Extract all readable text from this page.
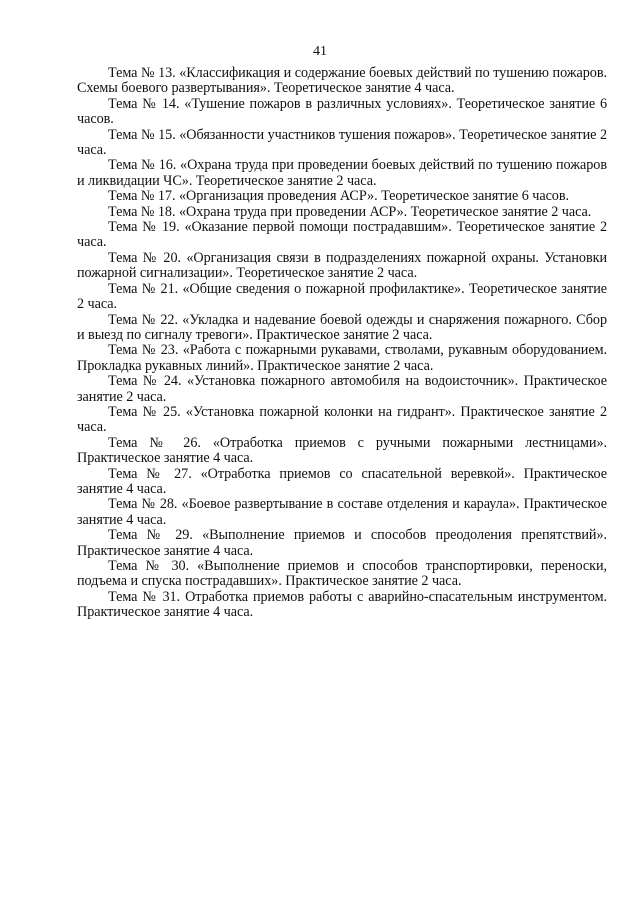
41

Тема № 13. «Классификация и содержание боевых действий по тушению пожаров. Схемы боевого развертывания». Теоретическое занятие 4 часа.

Тема № 14. «Тушение пожаров в различных условиях». Теоретическое занятие 6 часов.

Тема № 15. «Обязанности участников тушения пожаров». Теоретическое занятие 2 часа.

Тема № 16. «Охрана труда при проведении боевых действий по тушению пожаров и ликвидации ЧС». Теоретическое занятие 2 часа.

Тема № 17. «Организация проведения АСР». Теоретическое занятие 6 часов.

Тема № 18. «Охрана труда при проведении АСР». Теоретическое занятие 2 часа.

Тема № 19. «Оказание первой помощи пострадавшим». Теоретическое занятие 2 часа.

Тема № 20. «Организация связи в подразделениях пожарной охраны. Установки пожарной сигнализации». Теоретическое занятие 2 часа.

Тема № 21. «Общие сведения о пожарной профилактике». Теоретическое занятие 2 часа.

Тема № 22. «Укладка и надевание боевой одежды и снаряжения пожарного. Сбор и выезд по сигналу тревоги». Практическое занятие 2 часа.

Тема № 23. «Работа с пожарными рукавами, стволами, рукавным оборудованием. Прокладка рукавных линий». Практическое занятие 2 часа.

Тема № 24. «Установка пожарного автомобиля на водоисточник». Практическое занятие 2 часа.

Тема № 25. «Установка пожарной колонки на гидрант». Практическое занятие 2 часа.

Тема № 26. «Отработка приемов с ручными пожарными лестницами». Практическое занятие 4 часа.

Тема № 27. «Отработка приемов со спасательной веревкой». Практическое занятие 4 часа.

Тема № 28. «Боевое развертывание в составе отделения и караула». Практическое занятие 4 часа.

Тема № 29. «Выполнение приемов и способов преодоления препятствий». Практическое занятие 4 часа.

Тема № 30. «Выполнение приемов и способов транспортировки, переноски, подъема и спуска пострадавших». Практическое занятие 2 часа.

Тема № 31. Отработка приемов работы с аварийно-спасательным инструментом. Практическое занятие 4 часа.
